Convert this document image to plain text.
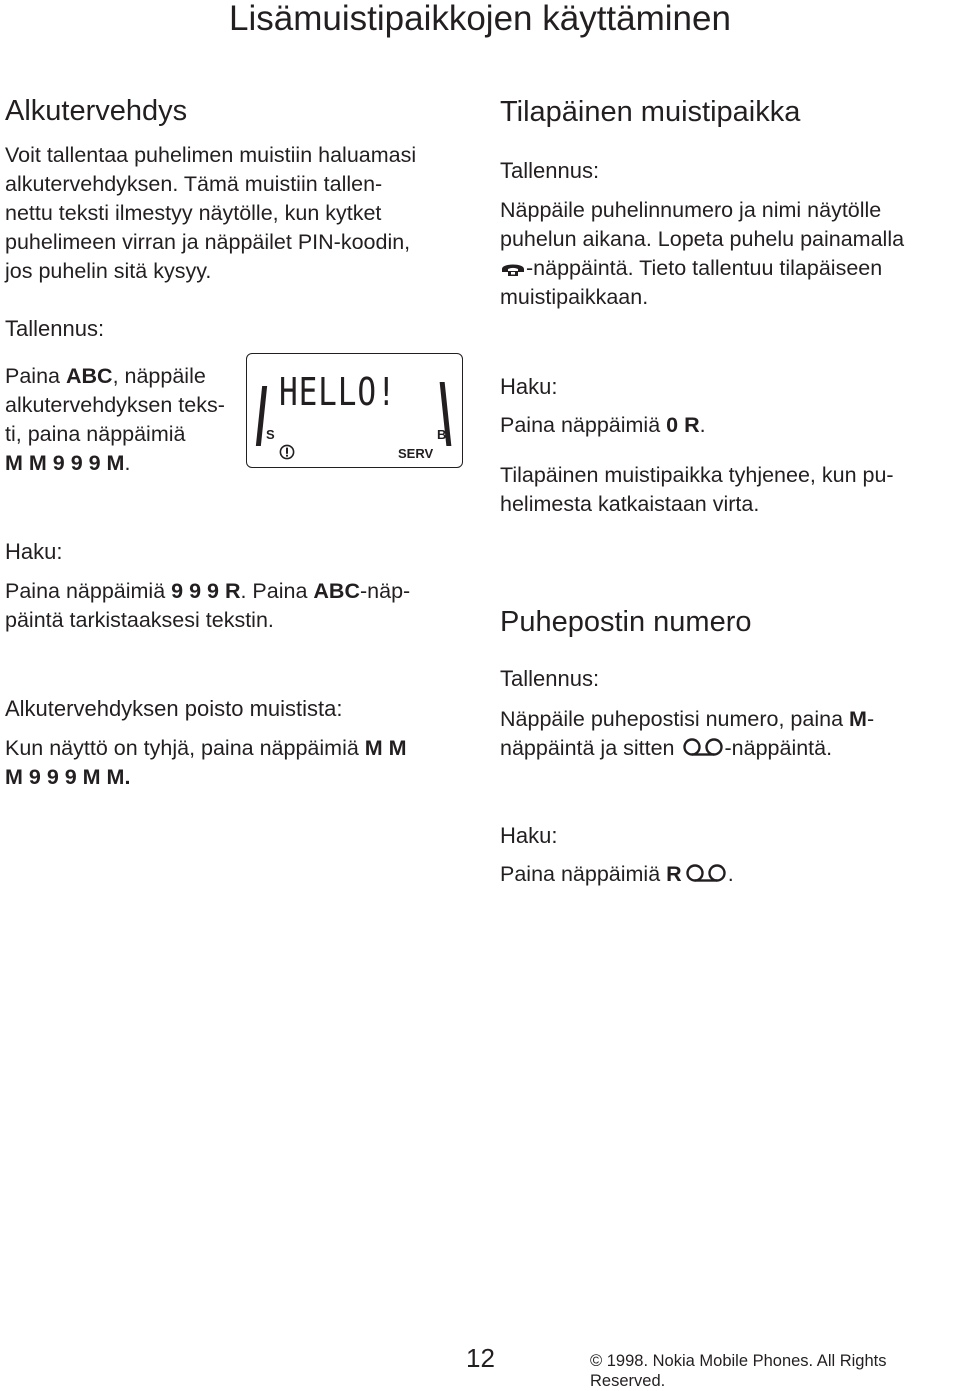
Lisämuistipaikkojen käyttäminen
Alkutervehdys
Voit tallentaa puhelimen muistiin haluamasi
alkutervehdyksen. Tämä muistiin tallen-
nettu teksti ilmestyy näytölle, kun kytket
puhelimeen virran ja näppäilet PIN-koodin,
jos puhelin sitä kysyy.
Tallennus:
Paina ABC, näppäile
alkutervehdyksen teks-
ti, paina näppäimiä
M M 9 9 9 M.
HELLO!
S	B
SERV
Haku:
Paina näppäimiä 9 9 9 R. Paina ABC-näp-
päintä tarkistaaksesi tekstin.
Alkutervehdyksen poisto muistista:
Kun näyttö on tyhjä, paina näppäimiä M M
M 9 9 9 M M.
Tilapäinen muistipaikka
Tallennus:
Näppäile puhelinnumero ja nimi näytölle
puhelun aikana. Lopeta puhelu painamalla
-näppäintä. Tieto tallentuu tilapäiseen
muistipaikkaan.
Haku:
Paina näppäimiä 0 R.
Tilapäinen muistipaikka tyhjenee, kun pu-
helimesta katkaistaan virta.
Puhepostin numero
Tallennus:
Näppäile puhepostisi numero, paina M-
näppäintä ja sitten -näppäintä.
Haku:
Paina näppäimiä R .
12	© 1998. Nokia Mobile Phones. All Rights Reserved.
